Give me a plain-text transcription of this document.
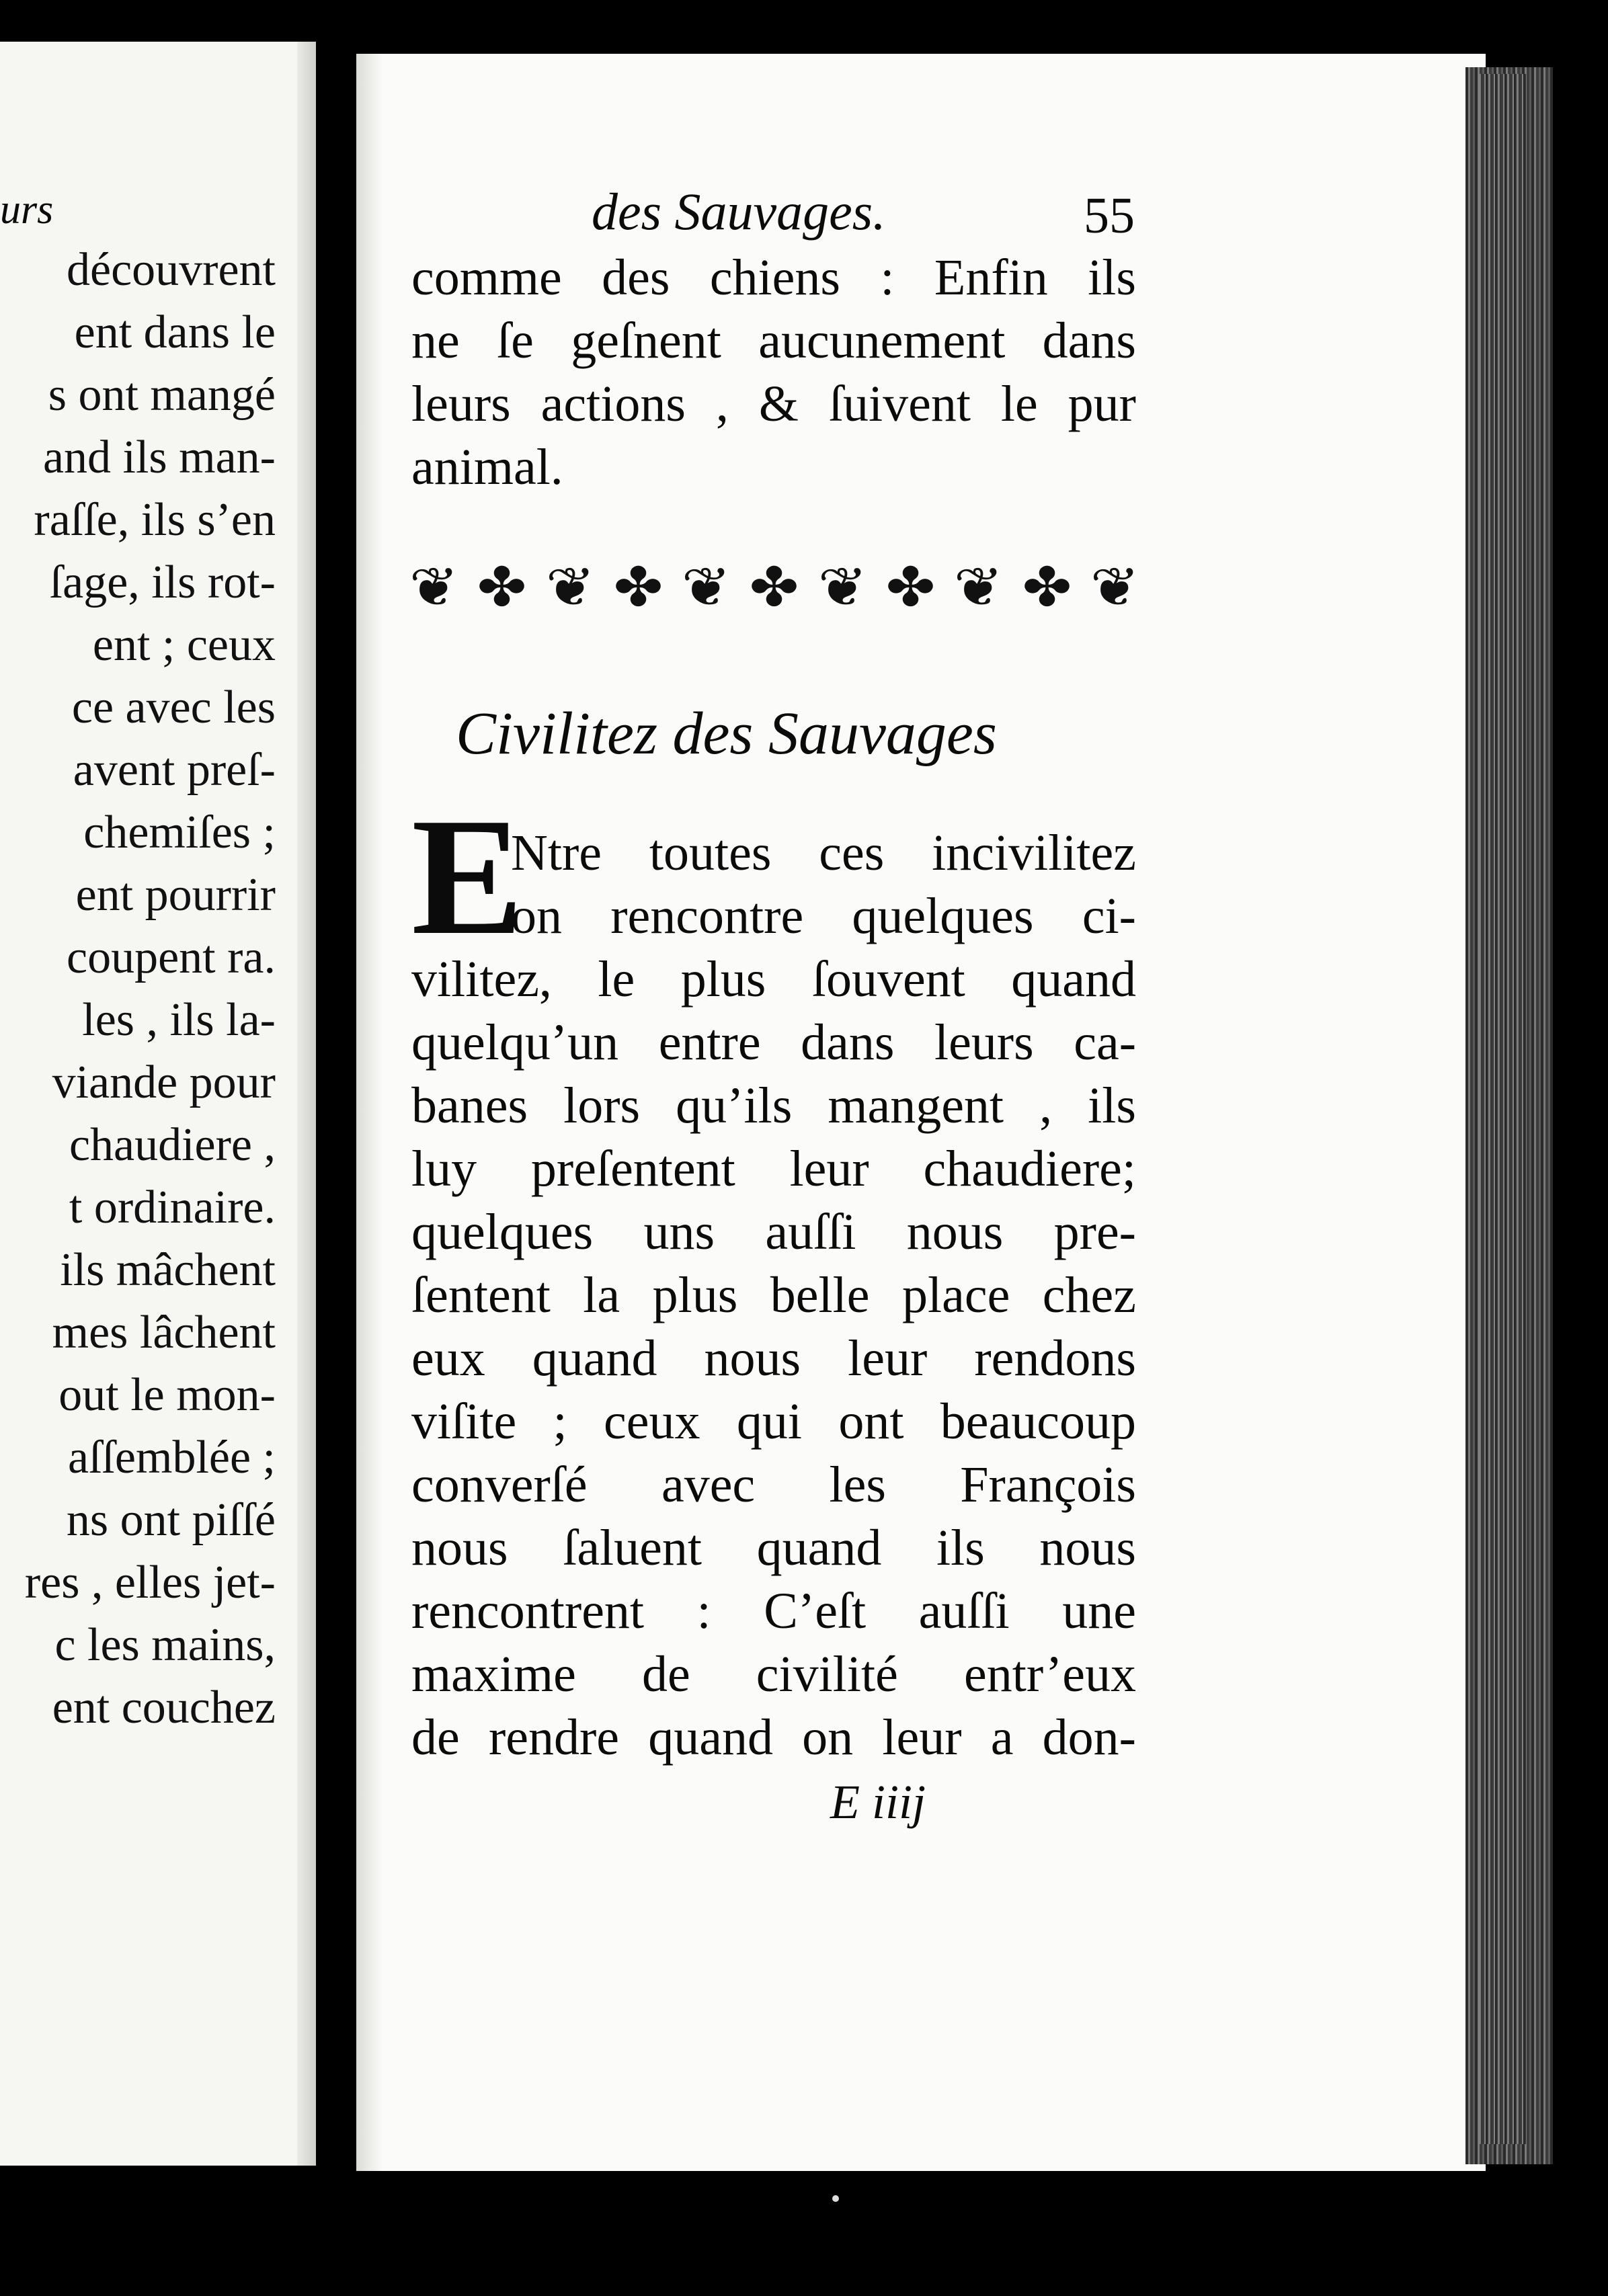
urs
découvrent
ent dans le
s ont mangé
and ils man-
raſſe, ils s’en
ſage, ils rot-
ent ; ceux
ce avec les
avent preſ-
chemiſes ;
ent pourrir
coupent ra.
les , ils la-
viande pour
chaudiere ,
t ordinaire.
ils mâchent
mes lâchent
out le mon-
aſſemblée ;
ns ont piſſé
res , elles jet-
c les mains,
ent couchez
des Sauvages.	55
comme des chiens : Enfin ils
ne ſe geſnent aucunement dans
leurs actions , & ſuivent le pur
animal.
❦ ✤ ❦ ✤ ❦ ✤ ❦ ✤ ❦ ✤ ❦
Civilitez des Sauvages
E
Ntre toutes ces incivilitez
on rencontre quelques ci-
vilitez, le plus ſouvent quand
quelqu’un entre dans leurs ca-
banes lors qu’ils mangent , ils
luy preſentent leur chaudiere;
quelques uns auſſi nous pre-
ſentent la plus belle place chez
eux quand nous leur rendons
viſite ; ceux qui ont beaucoup
converſé avec les François
nous ſaluent quand ils nous
rencontrent : C’eſt auſſi une
maxime de civilité entr’eux
de rendre quand on leur a don-
E iiij
